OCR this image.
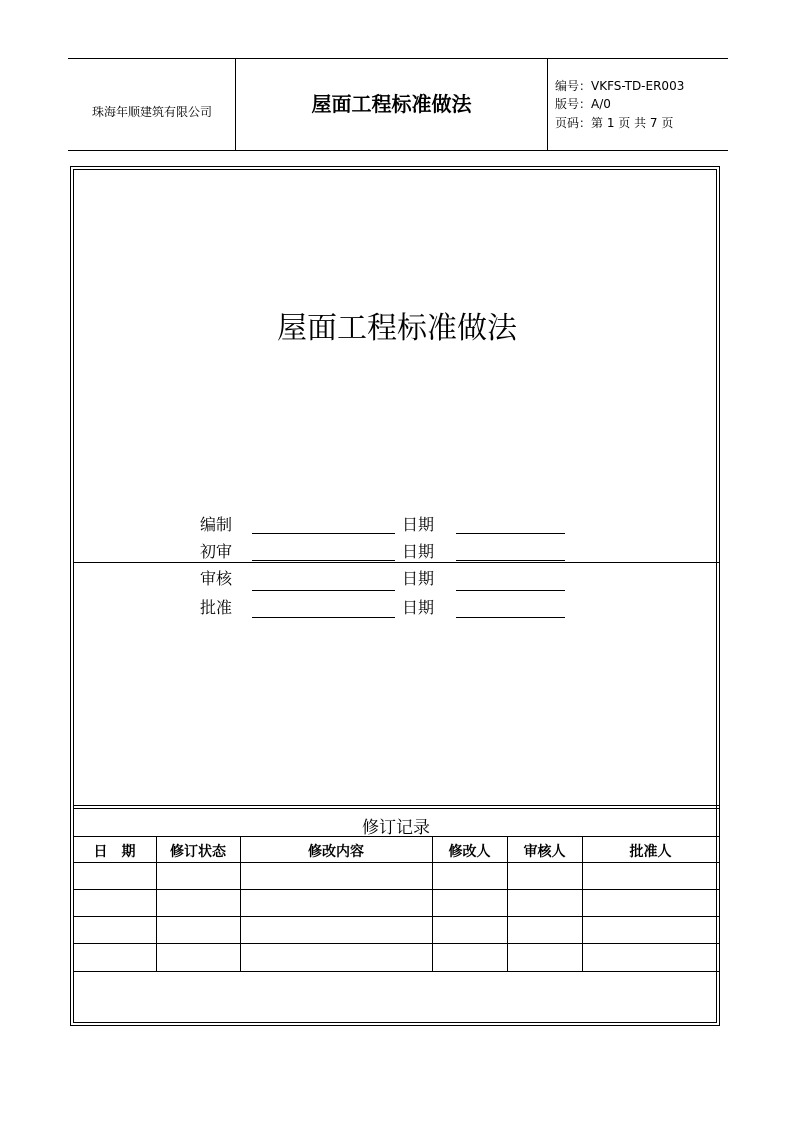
珠海年顺建筑有限公司	屋面工程标准做法
编号：VKFS-TD-ER003
版号：A/0
页码：第 1 页 共 7 页
屋面工程标准做法
编制	日期
初审	日期
审核	日期
批准	日期
修订记录
日　期	修订状态	修改内容	修改人	审核人	批准人
